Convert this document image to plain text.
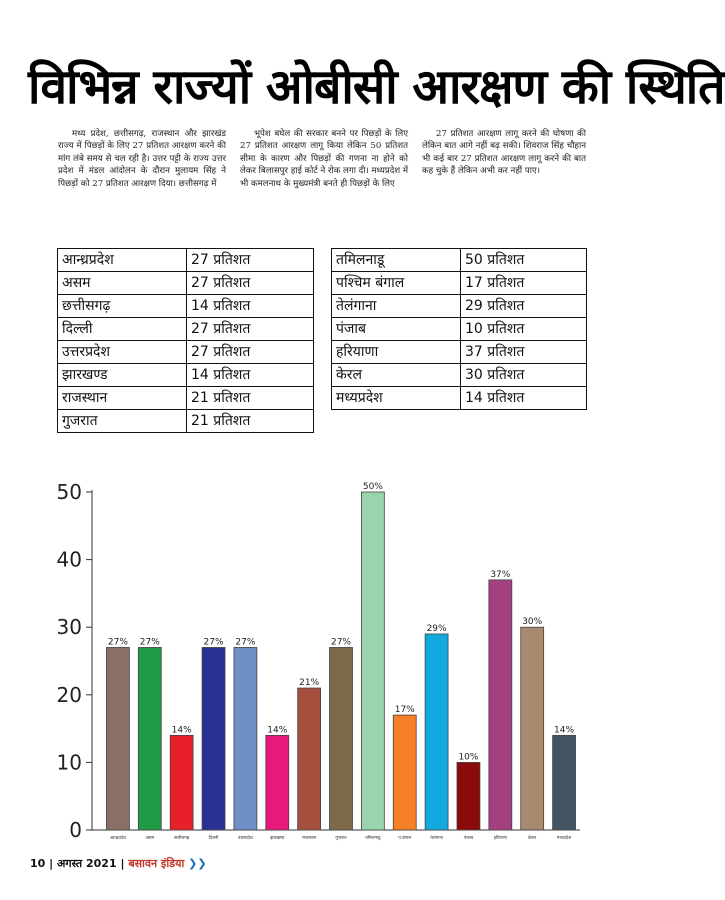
विभिन्न राज्यों ओबीसी आरक्षण की स्थिति

मध्य प्रदेश, छत्तीसगढ़, राजस्थान और झारखंड राज्य में पिछड़ों के लिए 27 प्रतिशत आरक्षण करने की मांग लंबे समय से चल रही है। उत्तर पट्टी के राज्य उत्तर प्रदेश में मंडल आंदोलन के दौरान मुलायम सिंह ने पिछड़ों को 27 प्रतिशत आरक्षण दिया। छत्तीसगढ़ में

भूपेश बघेल की सरकार बनने पर पिछड़ों के लिए 27 प्रतिशत आरक्षण लागू किया लेकिन 50 प्रतिशत सीमा के कारण और पिछड़ों की गणना ना होने को लेकर बिलासपुर हाई कोर्ट ने रोक लगा दी। मध्यप्रदेश में भी कमलनाथ के मुख्यमंत्री बनते ही पिछड़ों के लिए

27 प्रतिशत आरक्षण लागू करने की घोषणा की लेकिन बात आगे नहीं बढ़ सकी। शिवराज सिंह चौहान भी कई बार 27 प्रतिशत आरक्षण लागू करने की बात कह चुके हैं लेकिन अभी कर नहीं पाए।

आन्ध्रप्रदेश	27 प्रतिशत
असम	27 प्रतिशत
छत्तीसगढ़	14 प्रतिशत
दिल्ली	27 प्रतिशत
उत्तरप्रदेश	27 प्रतिशत
झारखण्ड	14 प्रतिशत
राजस्थान	21 प्रतिशत
गुजरात	21 प्रतिशत
तमिलनाडू	50 प्रतिशत
पश्चिम बंगाल	17 प्रतिशत
तेलंगाना	29 प्रतिशत
पंजाब	10 प्रतिशत
हरियाणा	37 प्रतिशत
केरल	30 प्रतिशत
मध्यप्रदेश	14 प्रतिशत
0
10
20
30
40
50
27%
आन्ध्रप्रदेश
27%
असम
14%
छत्तीसगढ़
27%
दिल्ली
27%
उत्तरप्रदेश
14%
झारखण्ड
21%
राजस्थान
27%
गुजरात
50%
तमिलनाडू
17%
प.बंगाल
29%
तेलंगाना
10%
पंजाब
37%
हरियाणा
30%
केरल
14%
मध्यप्रदेश
10 | अगस्त 2021 | बसावन इंडिया ❯❯
